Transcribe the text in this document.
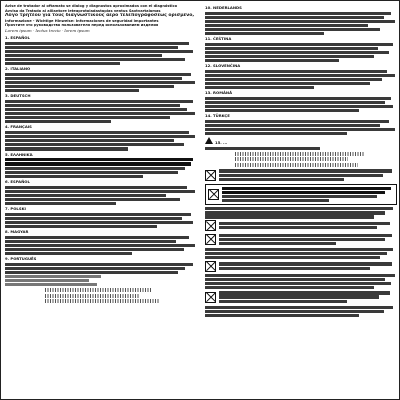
Avise de tratador al oftamato se dialog y diagnostos aproximados con el diagnóstico
Avviso da Tratado al alliantore leteaprotoladastaplas ventus Saxtvartalamas
Λόγο τρητέου για τους διαγνωστικούς αερο τελεπογράφοσεως ορισμένο,
Informazione - Wichtige Hinweise: Informaciones de seguridad importantes
Прочтите это руководство пользователя перед использованием изделия
Lorem ipsum · lectus trezio · lorem ipsum
1. ESPAÑOL
2. ITALIANO
3. DEUTSCH
4. FRANÇAIS
5. ΕΛΛΗΝΙΚΆ
6. ESPAÑOL
7. POLSKI
8. MAGYAR
9. PORTUGUÊS
10. NEDERLANDS
11. ČEŠTINA
12. SLOVENČINA
13. ROMÂNĂ
14. TÜRKÇE
15. ...
